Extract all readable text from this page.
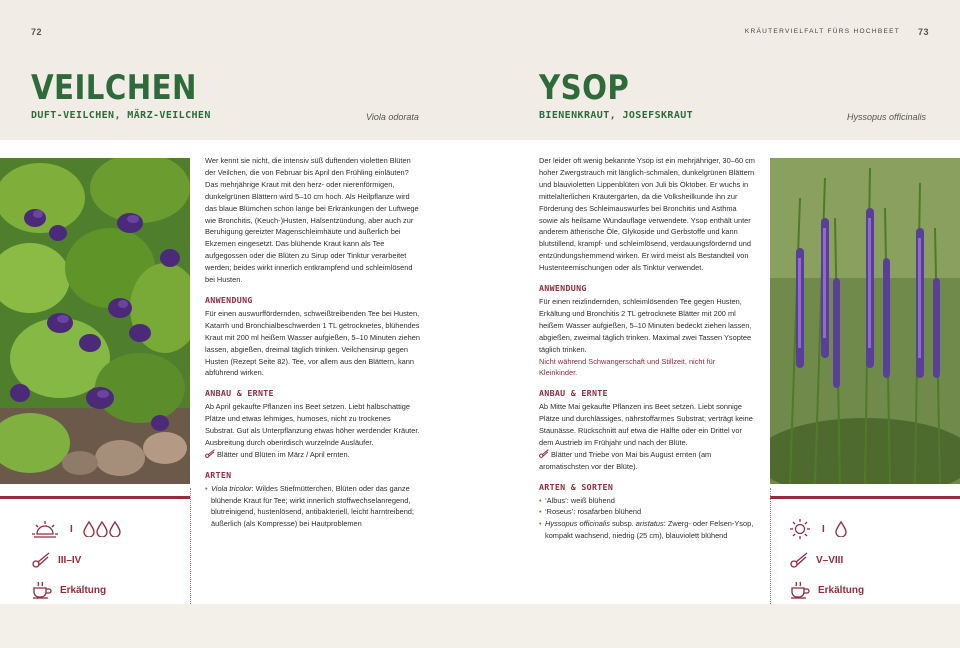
72
VEILCHEN
DUFT-VEILCHEN, MÄRZ-VEILCHEN	Viola odorata
KRÄUTERVIELFALT FÜRS HOCHBEET 73
YSOP
BIENENKRAUT, JOSEFSKRAUT	Hyssopus officinalis
I
III–IV
Erkältung
I
V–VIII
Erkältung

Wer kennt sie nicht, die intensiv süß duftenden violetten Blüten der Veilchen, die von Februar bis April den Frühling einläuten? Das mehrjährige Kraut mit den herz- oder nierenförmigen, dunkelgrünen Blättern wird 5–10 cm hoch. Als Heilpflanze wird das blaue Blümchen schon lange bei Erkrankungen der Luftwege wie Bronchitis, (Keuch-)Husten, Halsentzündung, aber auch zur Beruhigung gereizter Magenschleimhäute und äußerlich bei Ekzemen eingesetzt. Das blühende Kraut kann als Tee aufgegossen oder die Blüten zu Sirup oder Tinktur verarbeitet werden; beides wirkt innerlich entkrampfend und schleimlösend bei Husten.

ANWENDUNG

Für einen auswurffördernden, schweißtreibenden Tee bei Husten, Katarrh und Bronchialbeschwerden 1 TL getrocknetes, blühendes Kraut mit 200 ml heißem Wasser aufgießen, 5–10 Minuten ziehen lassen, abgießen, dreimal täglich trinken. Veilchensirup gegen Husten (Rezept Seite 82). Tee, vor allem aus den Blättern, kann abführend wirken.

ANBAU & ERNTE

Ab April gekaufte Pflanzen ins Beet setzen. Liebt halbschattige Plätze und etwas lehmiges, humoses, nicht zu trockenes Substrat. Gut als Unterpflanzung etwas höher werdender Kräuter. Ausbreitung durch oberirdisch wurzelnde Ausläufer.

Blätter und Blüten im März / April ernten.

ARTEN
• Viola tricolor: Wildes Stiefmütterchen, Blüten oder das ganze blühende Kraut für Tee; wirkt innerlich stoffwechselanregend, blutreinigend, hustenlösend, antibakteriell, leicht harntreibend; äußerlich (als Kompresse) bei Hautproblemen

Der leider oft wenig bekannte Ysop ist ein mehrjähriger, 30–60 cm hoher Zwergstrauch mit länglich-schmalen, dunkelgrünen Blättern und blauvioletten Lippenblüten von Juli bis Oktober. Er wuchs in mittelalterlichen Kräutergärten, da die Volksheilkunde ihn zur Förderung des Schleimauswurfes bei Bronchitis und Asthma sowie als heilsame Wundauflage verwendete. Ysop enthält unter anderem ätherische Öle, Glykoside und Gerbstoffe und kann blutstillend, krampf- und schleimlösend, verdauungsfördernd und entzündungshemmend wirken. Er wird meist als Bestandteil von Hustenteemischungen oder als Tinktur verwendet.

ANWENDUNG

Für einen reizlindernden, schleimlösenden Tee gegen Husten, Erkältung und Bronchitis 2 TL getrocknete Blätter mit 200 ml heißem Wasser aufgießen, 5–10 Minuten bedeckt ziehen lassen, abgießen, zweimal täglich trinken. Maximal zwei Tassen Ysoptee täglich trinken.

Nicht während Schwangerschaft und Stillzeit, nicht für Kleinkinder.

ANBAU & ERNTE

Ab Mitte Mai gekaufte Pflanzen ins Beet setzen. Liebt sonnige Plätze und durchlässiges, nährstoffarmes Substrat; verträgt keine Staunässe. Rückschnitt auf etwa die Hälfte oder ein Drittel vor dem Austrieb im Frühjahr und nach der Blüte.

Blätter und Triebe von Mai bis August ernten (am aromatischsten vor der Blüte).

ARTEN & SORTEN
• ‘Albus’: weiß blühend
• ‘Roseus’: rosafarben blühend
• Hyssopus officinalis subsp. aristatus: Zwerg- oder Felsen-Ysop, kompakt wachsend, niedrig (25 cm), blauviolett blühend
